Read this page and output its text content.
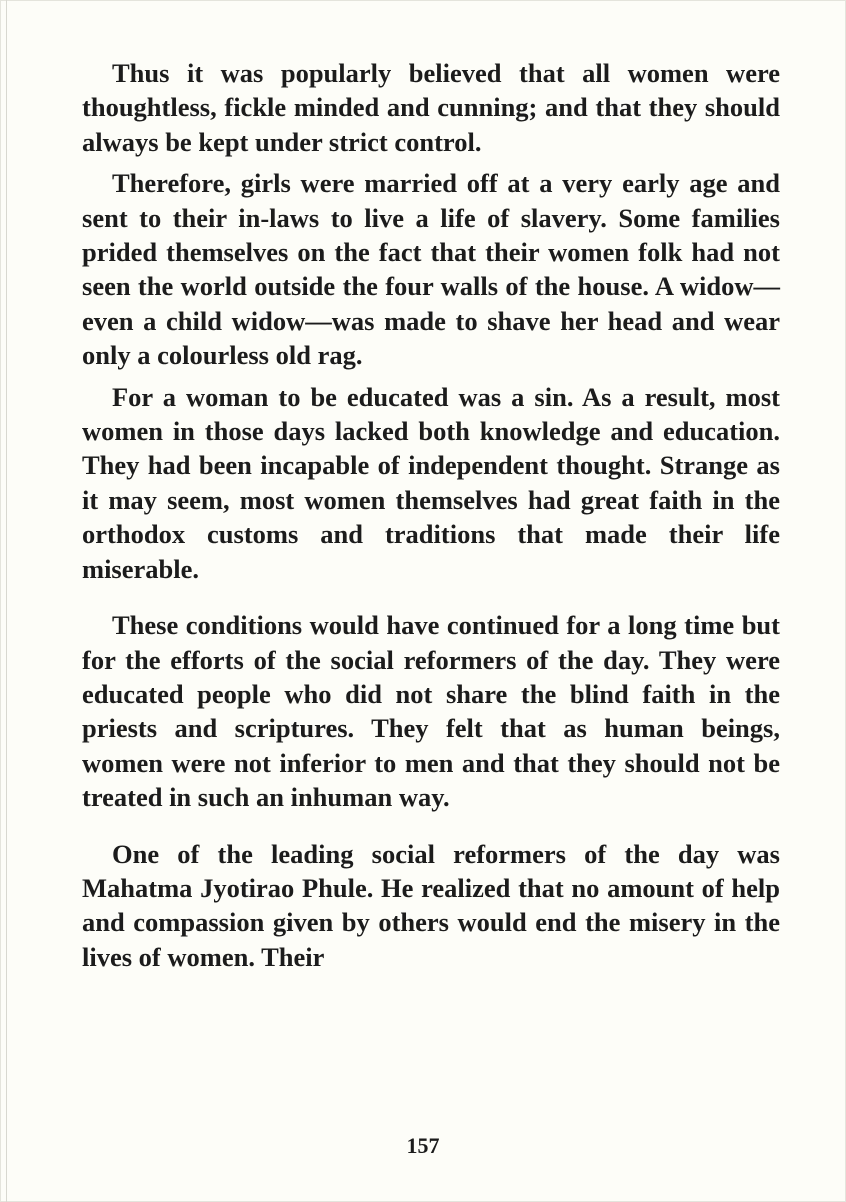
Thus it was popularly believed that all women were thoughtless, fickle minded and cunning; and that they should always be kept under strict control.

Therefore, girls were married off at a very early age and sent to their in-laws to live a life of slavery. Some families prided themselves on the fact that their women folk had not seen the world outside the four walls of the house. A widow—even a child widow—was made to shave her head and wear only a colourless old rag.

For a woman to be educated was a sin. As a result, most women in those days lacked both knowledge and education. They had been incapable of independent thought. Strange as it may seem, most women themselves had great faith in the orthodox customs and traditions that made their life miserable.

These conditions would have continued for a long time but for the efforts of the social reformers of the day. They were educated people who did not share the blind faith in the priests and scriptures. They felt that as human beings, women were not inferior to men and that they should not be treated in such an inhuman way.

One of the leading social reformers of the day was Mahatma Jyotirao Phule. He realized that no amount of help and compassion given by others would end the misery in the lives of women. Their

157
